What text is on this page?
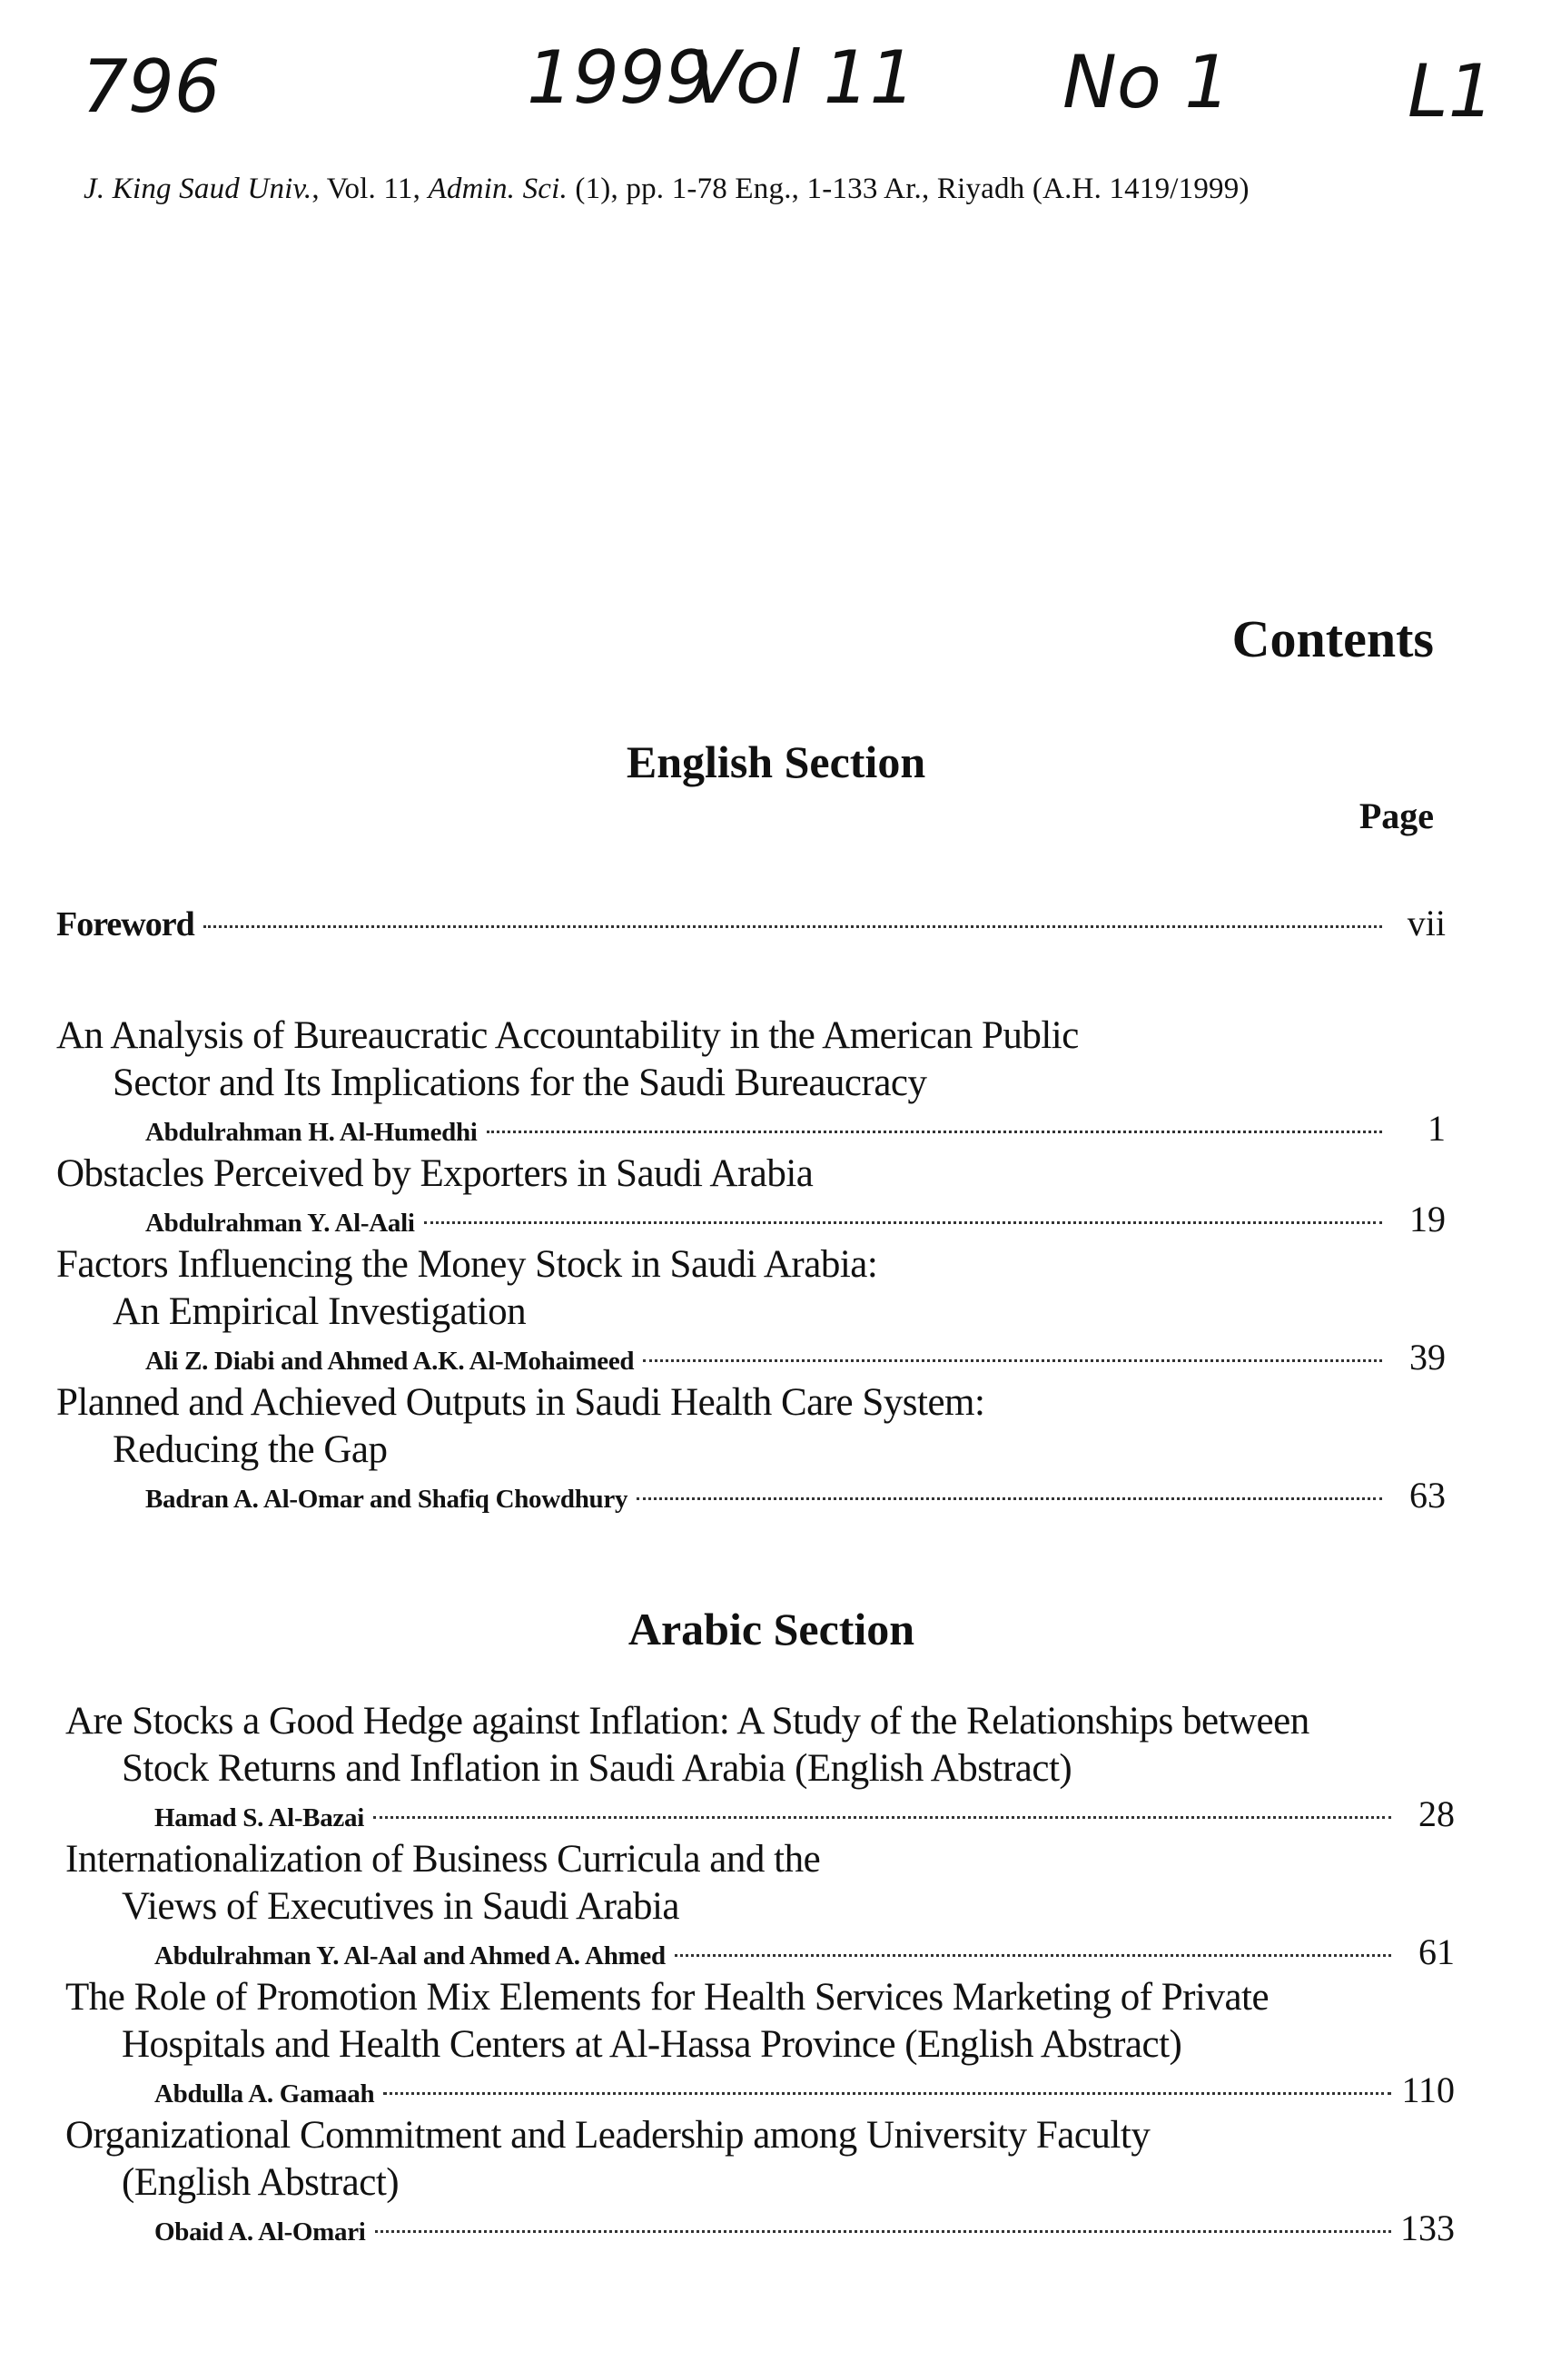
796	1999
Vol 11 No 1 L1
J. King Saud Univ., Vol. 11, Admin. Sci. (1), pp. 1-78 Eng., 1-133 Ar., Riyadh (A.H. 1419/1999)
Contents
English Section
Page
Foreword	vii
An Analysis of Bureaucratic Accountability in the American Public
Sector and Its Implications for the Saudi Bureaucracy
Abdulrahman H. Al-Humedhi	1
Obstacles Perceived by Exporters in Saudi Arabia
Abdulrahman Y. Al-Aali	19
Factors Influencing the Money Stock in Saudi Arabia:
An Empirical Investigation
Ali Z. Diabi and Ahmed A.K. Al-Mohaimeed	39
Planned and Achieved Outputs in Saudi Health Care System:
Reducing the Gap
Badran A. Al-Omar and Shafiq Chowdhury	63
Arabic Section
Are Stocks a Good Hedge against Inflation: A Study of the Relationships between
Stock Returns and Inflation in Saudi Arabia (English Abstract)
Hamad S. Al-Bazai	28
Internationalization of Business Curricula and the
Views of Executives in Saudi Arabia
Abdulrahman Y. Al-Aal and Ahmed A. Ahmed	61
The Role of Promotion Mix Elements for Health Services Marketing of Private
Hospitals and Health Centers at Al-Hassa Province (English Abstract)
Abdulla A. Gamaah	110
Organizational Commitment and Leadership among University Faculty
(English Abstract)
Obaid A. Al-Omari	133
